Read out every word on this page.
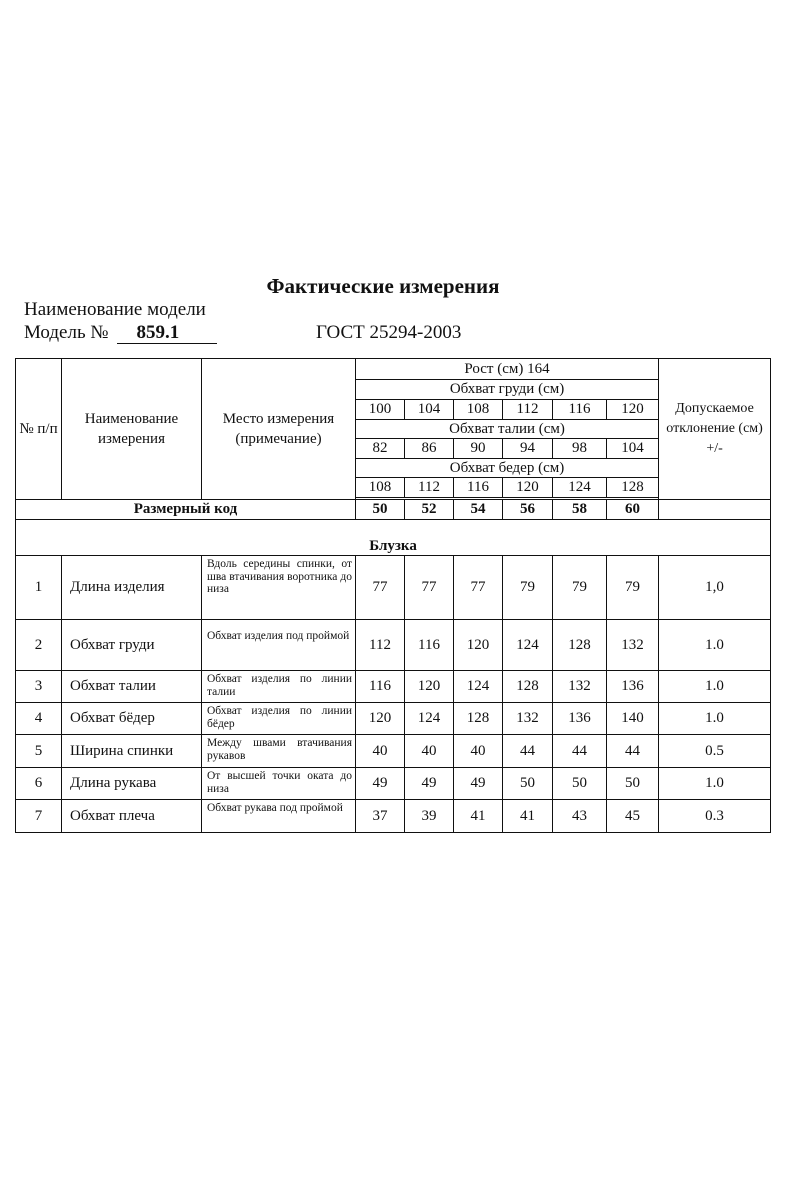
Фактические измерения
Наименование модели
Модель № 859.1	ГОСТ 25294-2003
№ п/п	Наименование измерения	Место измерения (примечание)	Рост (см) 164						Допускаемое отклонение (см) +/-
			Обхват груди (см)						
			100	104	108	112	116	120	
			Обхват талии (см)						
			82	86	90	94	98	104	
			Обхват бедер (см)						
			108	112	116	120	124	128	

Размерный код			50	52	54	56	58	60	
Блузка									
1	Длина изделия	Вдоль середины спинки, от шва втачивания воротника до низа	77	77	77	79	79	79	1,0
2	Обхват груди	Обхват изделия под проймой	112	116	120	124	128	132	1.0
3	Обхват талии	Обхват изделия по линии талии	116	120	124	128	132	136	1.0
4	Обхват бёдер	Обхват изделия по линии бёдер	120	124	128	132	136	140	1.0
5	Ширина спинки	Между швами втачивания рукавов	40	40	40	44	44	44	0.5
6	Длина рукава	От высшей точки оката до низа	49	49	49	50	50	50	1.0
7	Обхват плеча	Обхват рукава под проймой	37	39	41	41	43	45	0.3
